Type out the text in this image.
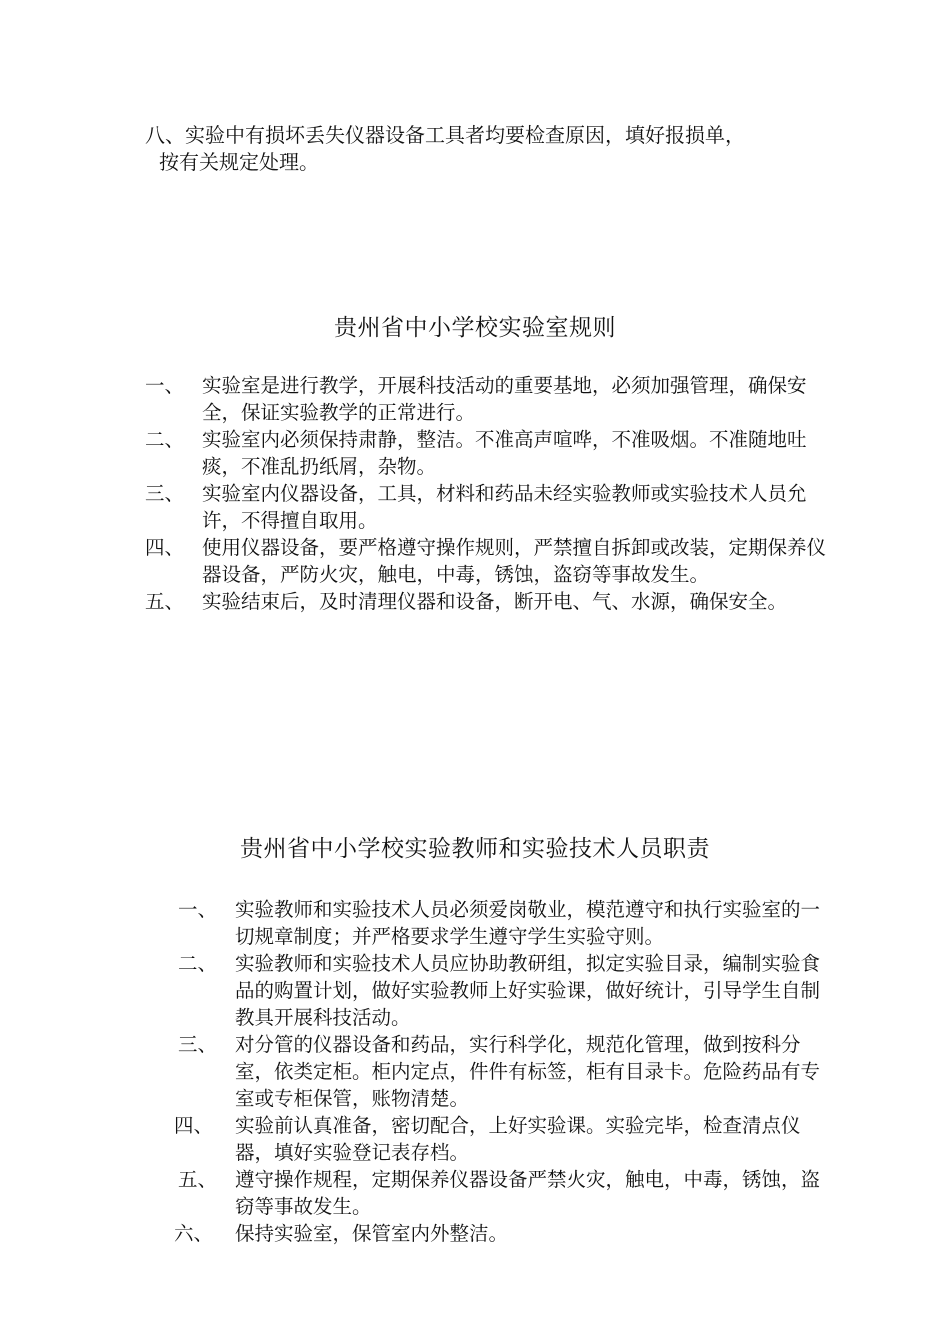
八、实验中有损坏丢失仪器设备工具者均要检查原因，填好报损单，
按有关规定处理。
贵州省中小学校实验室规则
一、 实验室是进行教学，开展科技活动的重要基地，必须加强管理，确保安全，保证实验教学的正常进行。
二、 实验室内必须保持肃静，整洁。不准高声喧哗，不准吸烟。不准随地吐痰，不准乱扔纸屑，杂物。
三、 实验室内仪器设备，工具，材料和药品未经实验教师或实验技术人员允许，不得擅自取用。
四、 使用仪器设备，要严格遵守操作规则，严禁擅自拆卸或改装，定期保养仪器设备，严防火灾，触电，中毒，锈蚀，盗窃等事故发生。
五、 实验结束后，及时清理仪器和设备，断开电、气、水源，确保安全。
贵州省中小学校实验教师和实验技术人员职责
一、 实验教师和实验技术人员必须爱岗敬业，模范遵守和执行实验室的一切规章制度；并严格要求学生遵守学生实验守则。
二、 实验教师和实验技术人员应协助教研组，拟定实验目录，编制实验食品的购置计划，做好实验教师上好实验课，做好统计，引导学生自制教具开展科技活动。
三、 对分管的仪器设备和药品，实行科学化，规范化管理，做到按科分室，依类定柜。柜内定点，件件有标签，柜有目录卡。危险药品有专室或专柜保管，账物清楚。
四、 实验前认真准备，密切配合，上好实验课。实验完毕，检查清点仪器，填好实验登记表存档。
五、 遵守操作规程，定期保养仪器设备严禁火灾，触电，中毒，锈蚀，盗窃等事故发生。
六、 保持实验室，保管室内外整洁。
